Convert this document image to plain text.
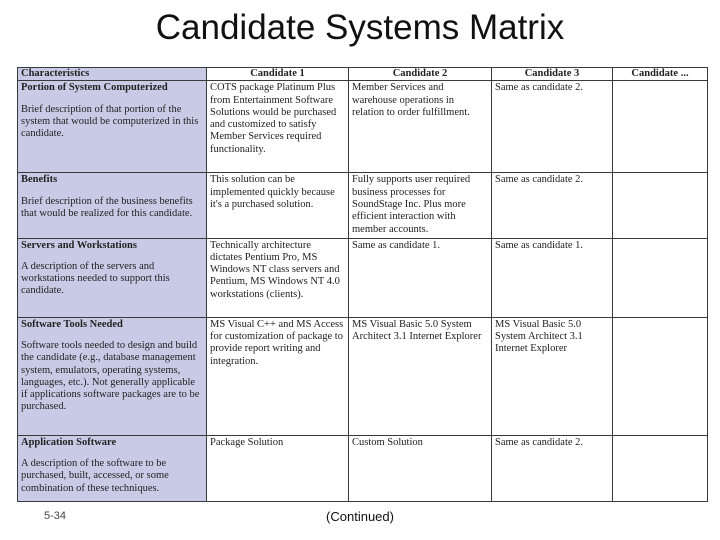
Candidate Systems Matrix
Characteristics	Candidate 1	Candidate 2	Candidate 3	Candidate ...

Portion of System Computerized
Brief description of that portion of the system that would be computerized in this candidate.	COTS package Platinum Plus from Entertainment Software Solutions would be purchased and customized to satisfy Member Services required functionality.	Member Services and warehouse operations in relation to order fulfillment.	Same as candidate 2.	

Benefits
Brief description of the business benefits that would be realized for this candidate.	This solution can be implemented quickly because it's a purchased solution.	Fully supports user required business processes for SoundStage Inc. Plus more efficient interaction with member accounts.	Same as candidate 2.	

Servers and Workstations
A description of the servers and workstations needed to support this candidate.	Technically architecture dictates Pentium Pro, MS Windows NT class servers and Pentium, MS Windows NT 4.0 workstations (clients).	Same as candidate 1.	Same as candidate 1.	

Software Tools Needed
Software tools needed to design and build the candidate (e.g., database management system, emulators, operating systems, languages, etc.). Not generally applicable if applications software packages are to be purchased.	MS Visual C++ and MS Access for customization of package to provide report writing and integration.	MS Visual Basic 5.0 System Architect 3.1 Internet Explorer	MS Visual Basic 5.0 System Architect 3.1 Internet Explorer	

Application Software
A description of the software to be purchased, built, accessed, or some combination of these techniques.	Package Solution	Custom Solution	Same as candidate 2.	
5-34	(Continued)
